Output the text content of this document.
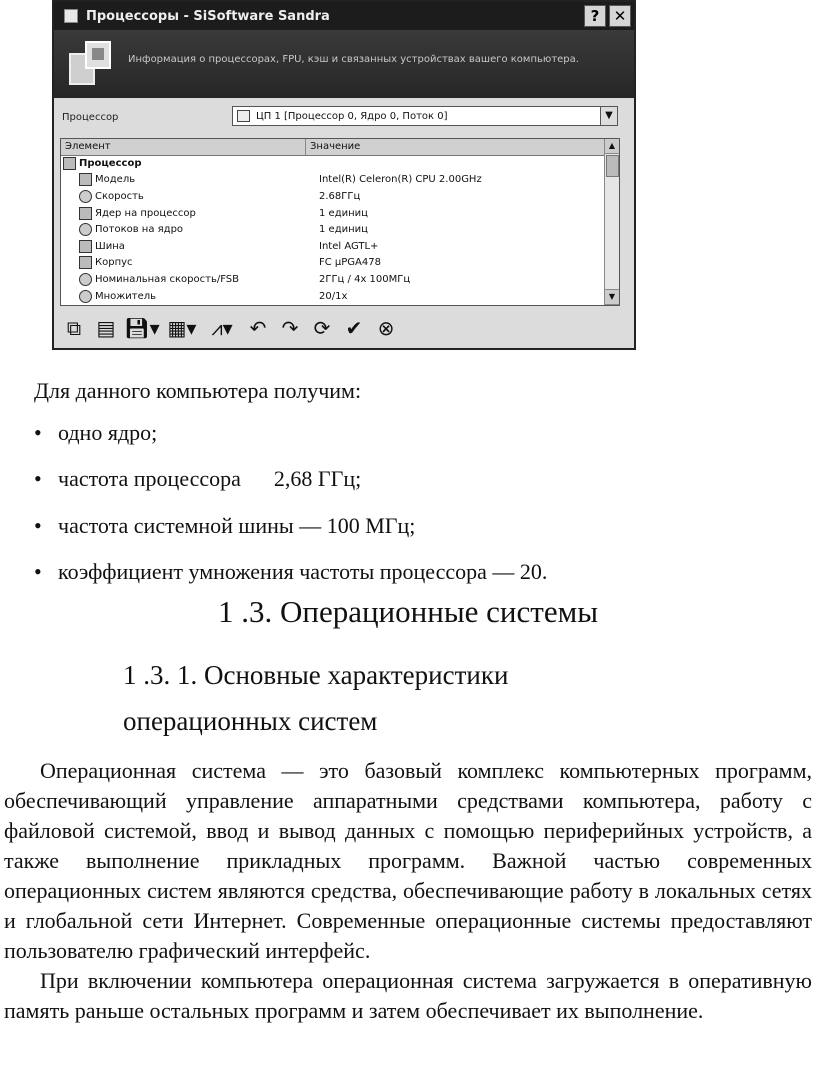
Процессоры - SiSoftware Sandra	? ✕
Информация о процессорах, FPU, кэш и связанных устройствах вашего компьютера.
Процессор	ЦП 1 [Процессор 0, Ядро 0, Поток 0]	▼
Элемент	Значение
Процессор
Модель	Intel(R) Celeron(R) CPU 2.00GHz
Скорость	2.68ГГц
Ядер на процессор	1 единиц
Потоков на ядро	1 единиц
Шина	Intel AGTL+
Корпус	FC μPGA478
Номинальная скорость/FSB	2ГГц / 4x 100МГц
Множитель	20/1x
▲
▼
⧉ ▤ 💾︎▾ ▦▾ ⩘▾ ↶ ↷ ⟳ ✔ ⊗
Для данного компьютера получим:
• одно ядро;
• частота процессора      2,68 ГГц;
• частота системной шины — 100 МГц;
• коэффициент умножения частоты процессора — 20.
1 .3. Операционные системы
1 .3. 1. Основные характеристики
операционных систем

Операционная система — это базовый комплекс компьютерных программ, обеспечивающий управление аппаратными средствами компьютера, работу с файловой системой, ввод и вывод данных с помощью периферийных устройств, а также выполнение прикладных программ. Важной частью современных операционных систем являются средства, обеспечивающие работу в локальных сетях и глобальной сети Интернет. Современные операционные системы предоставляют пользователю графический интерфейс.

При включении компьютера операционная система загружается в оперативную память раньше остальных программ и затем обеспечивает их выполнение.
